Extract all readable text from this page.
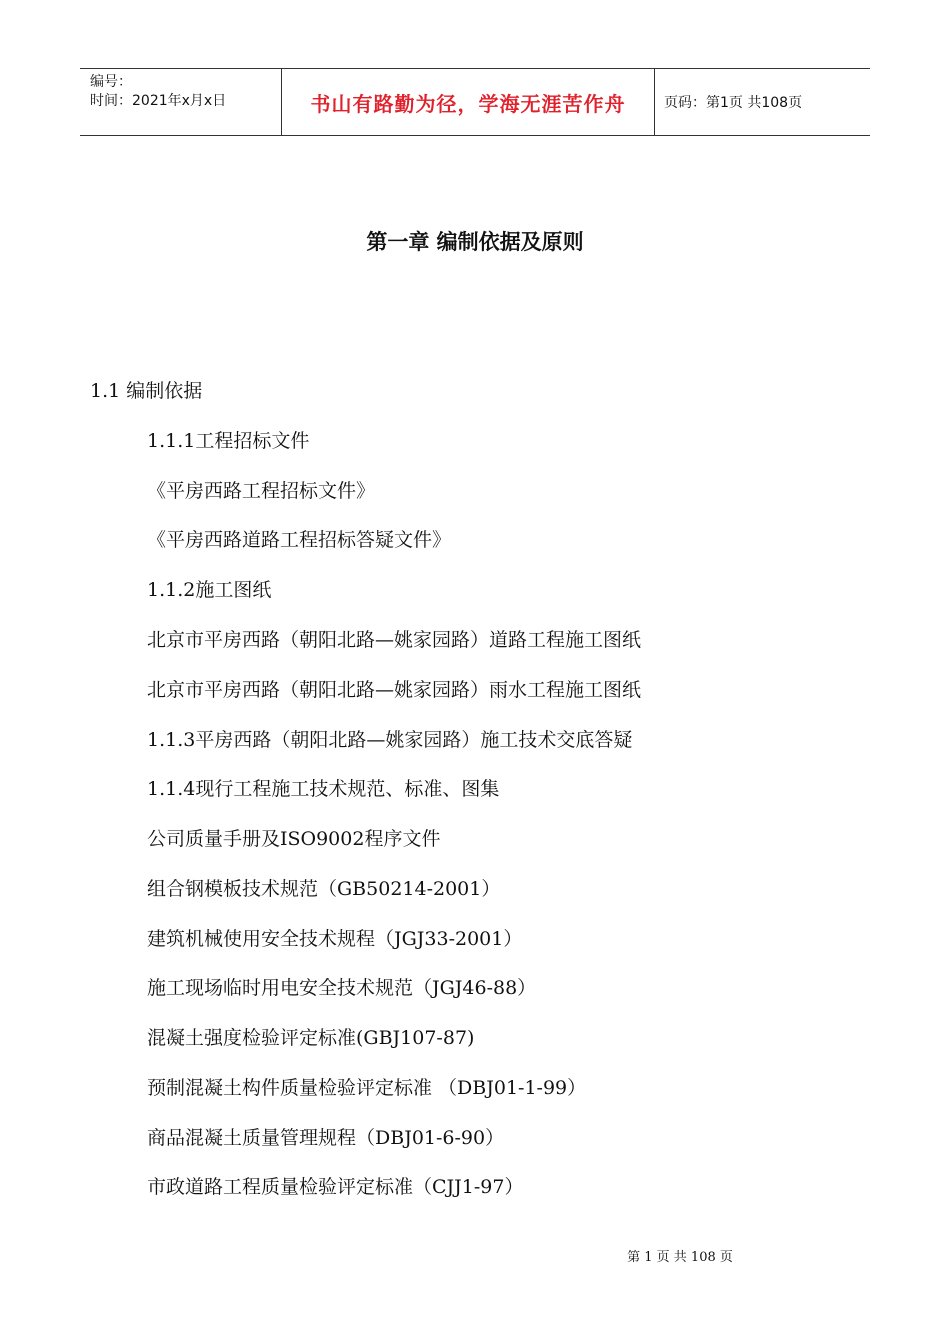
编号：
时间：2021年x月x日	书山有路勤为径，学海无涯苦作舟	页码：第1页 共108页
第一章 编制依据及原则
1.1 编制依据
1.1.1工程招标文件
《平房西路工程招标文件》
《平房西路道路工程招标答疑文件》
1.1.2施工图纸
北京市平房西路（朝阳北路—姚家园路）道路工程施工图纸
北京市平房西路（朝阳北路—姚家园路）雨水工程施工图纸
1.1.3平房西路（朝阳北路—姚家园路）施工技术交底答疑
1.1.4现行工程施工技术规范、标准、图集
公司质量手册及ISO9002程序文件
组合钢模板技术规范（GB50214-2001）
建筑机械使用安全技术规程（JGJ33-2001）
施工现场临时用电安全技术规范（JGJ46-88）
混凝土强度检验评定标准(GBJ107-87)
预制混凝土构件质量检验评定标准 （DBJ01-1-99）
商品混凝土质量管理规程（DBJ01-6-90）
市政道路工程质量检验评定标准（CJJ1-97）
第 1 页 共 108 页
